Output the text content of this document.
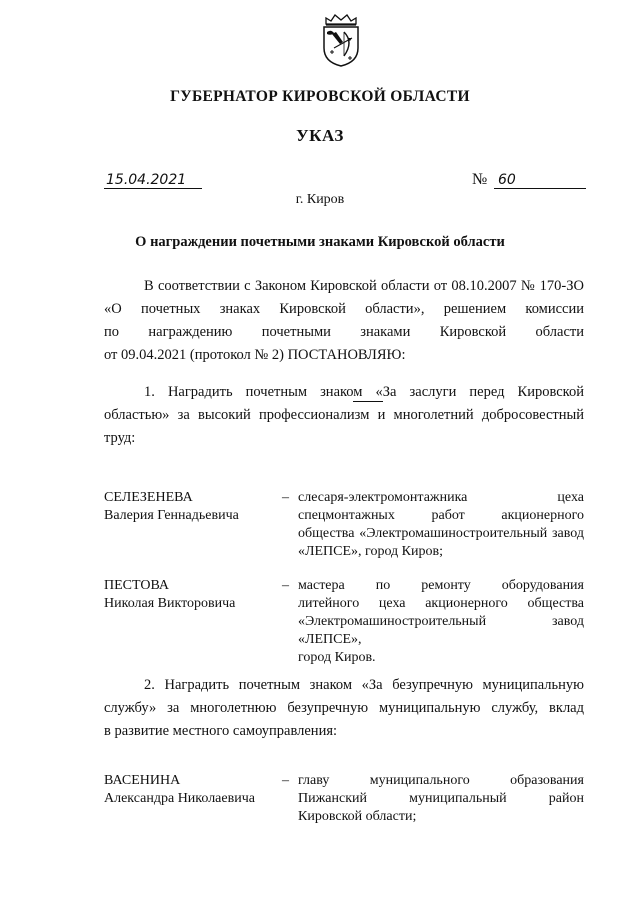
ГУБЕРНАТОР КИРОВСКОЙ ОБЛАСТИ
УКАЗ
15.04.2021	№ 60
г. Киров
О награждении почетными знаками Кировской области
В соответствии с Законом Кировской области от 08.10.2007 № 170-ЗО
«О почетных знаках Кировской области», решением комиссии
по награждению почетными знаками Кировской области
от 09.04.2021 (протокол № 2) ПОСТАНОВЛЯЮ:
1. Наградить почетным знаком «За заслуги перед Кировской
областью» за высокий профессионализм и многолетний добросовестный
труд:
СЕЛЕЗЕНЕВА
Валерия Геннадьевича
– слесаря-электромонтажника цеха
спецмонтажных работ акционерного
общества «Электромашиностроительный завод
«ЛЕПСЕ», город Киров;
ПЕСТОВА
Николая Викторовича
– мастера по ремонту оборудования
литейного цеха акционерного общества
«Электромашиностроительный завод «ЛЕПСЕ»,
город Киров.
2. Наградить почетным знаком «За безупречную муниципальную
службу» за многолетнюю безупречную муниципальную службу, вклад
в развитие местного самоуправления:
ВАСЕНИНА
Александра Николаевича
– главу муниципального образования
Пижанский муниципальный район
Кировской области;
